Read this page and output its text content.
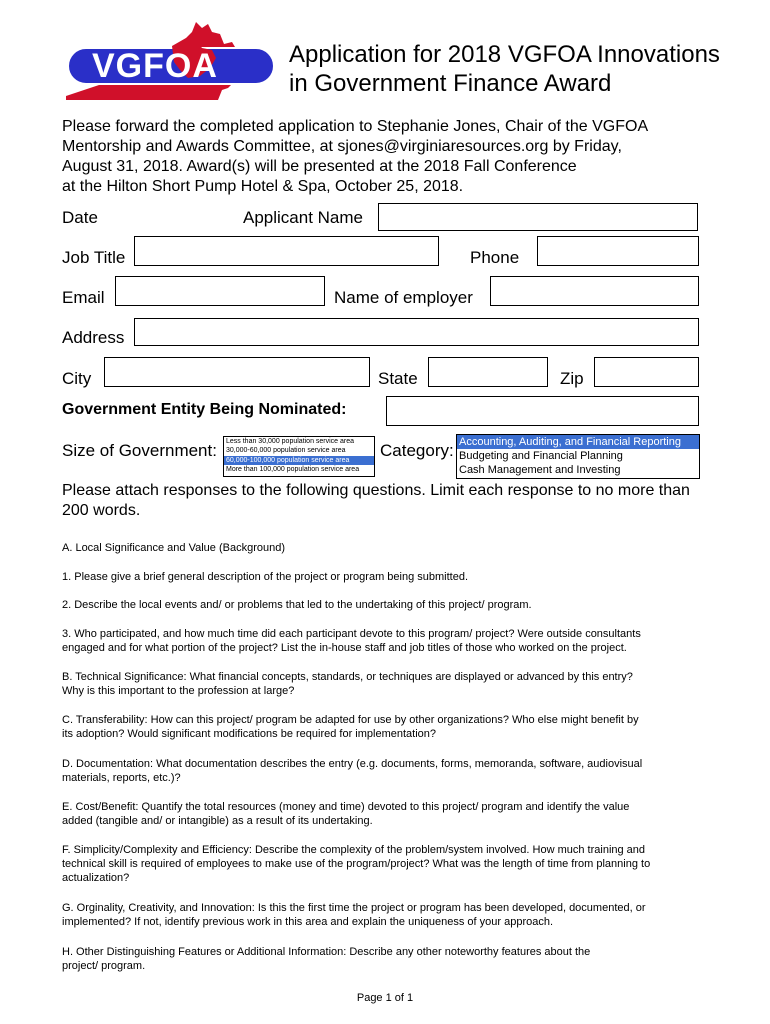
VGFOA	Application for 2018 VGFOA Innovations
in Government Finance Award
Please forward the completed application to Stephanie Jones, Chair of the VGFOA
Mentorship and Awards Committee, at sjones@virginiaresources.org by Friday,
August 31, 2018. Award(s) will be presented at the 2018 Fall Conference
at the Hilton Short Pump Hotel & Spa, October 25, 2018.
Date	Applicant Name
Job Title	Phone
Email	Name of employer
Address
City	State	Zip
Government Entity Being Nominated:
Size of Government: Less than 30,000 population service area
30,000-60,000 population service area
60,000-100,000 population service area
More than 100,000 population service area
Category: Accounting, Auditing, and Financial Reporting
Budgeting and Financial Planning
Cash Management and Investing
Please attach responses to the following questions. Limit each response to no more than
200 words.
A. Local Significance and Value (Background)
1. Please give a brief general description of the project or program being submitted.
2. Describe the local events and/ or problems that led to the undertaking of this project/ program.
3. Who participated, and how much time did each participant devote to this program/ project? Were outside consultants
engaged and for what portion of the project? List the in-house staff and job titles of those who worked on the project.
B. Technical Significance: What financial concepts, standards, or techniques are displayed or advanced by this entry?
Why is this important to the profession at large?
C. Transferability: How can this project/ program be adapted for use by other organizations? Who else might benefit by
its adoption? Would significant modifications be required for implementation?
D. Documentation: What documentation describes the entry (e.g. documents, forms, memoranda, software, audiovisual
materials, reports, etc.)?
E. Cost/Benefit: Quantify the total resources (money and time) devoted to this project/ program and identify the value
added (tangible and/ or intangible) as a result of its undertaking.
F. Simplicity/Complexity and Efficiency: Describe the complexity of the problem/system involved. How much training and
technical skill is required of employees to make use of the program/project? What was the length of time from planning to
actualization?
G. Orginality, Creativity, and Innovation: Is this the first time the project or program has been developed, documented, or
implemented? If not, identify previous work in this area and explain the uniqueness of your approach.
H. Other Distinguishing Features or Additional Information: Describe any other noteworthy features about the
project/ program.
Page 1 of 1
